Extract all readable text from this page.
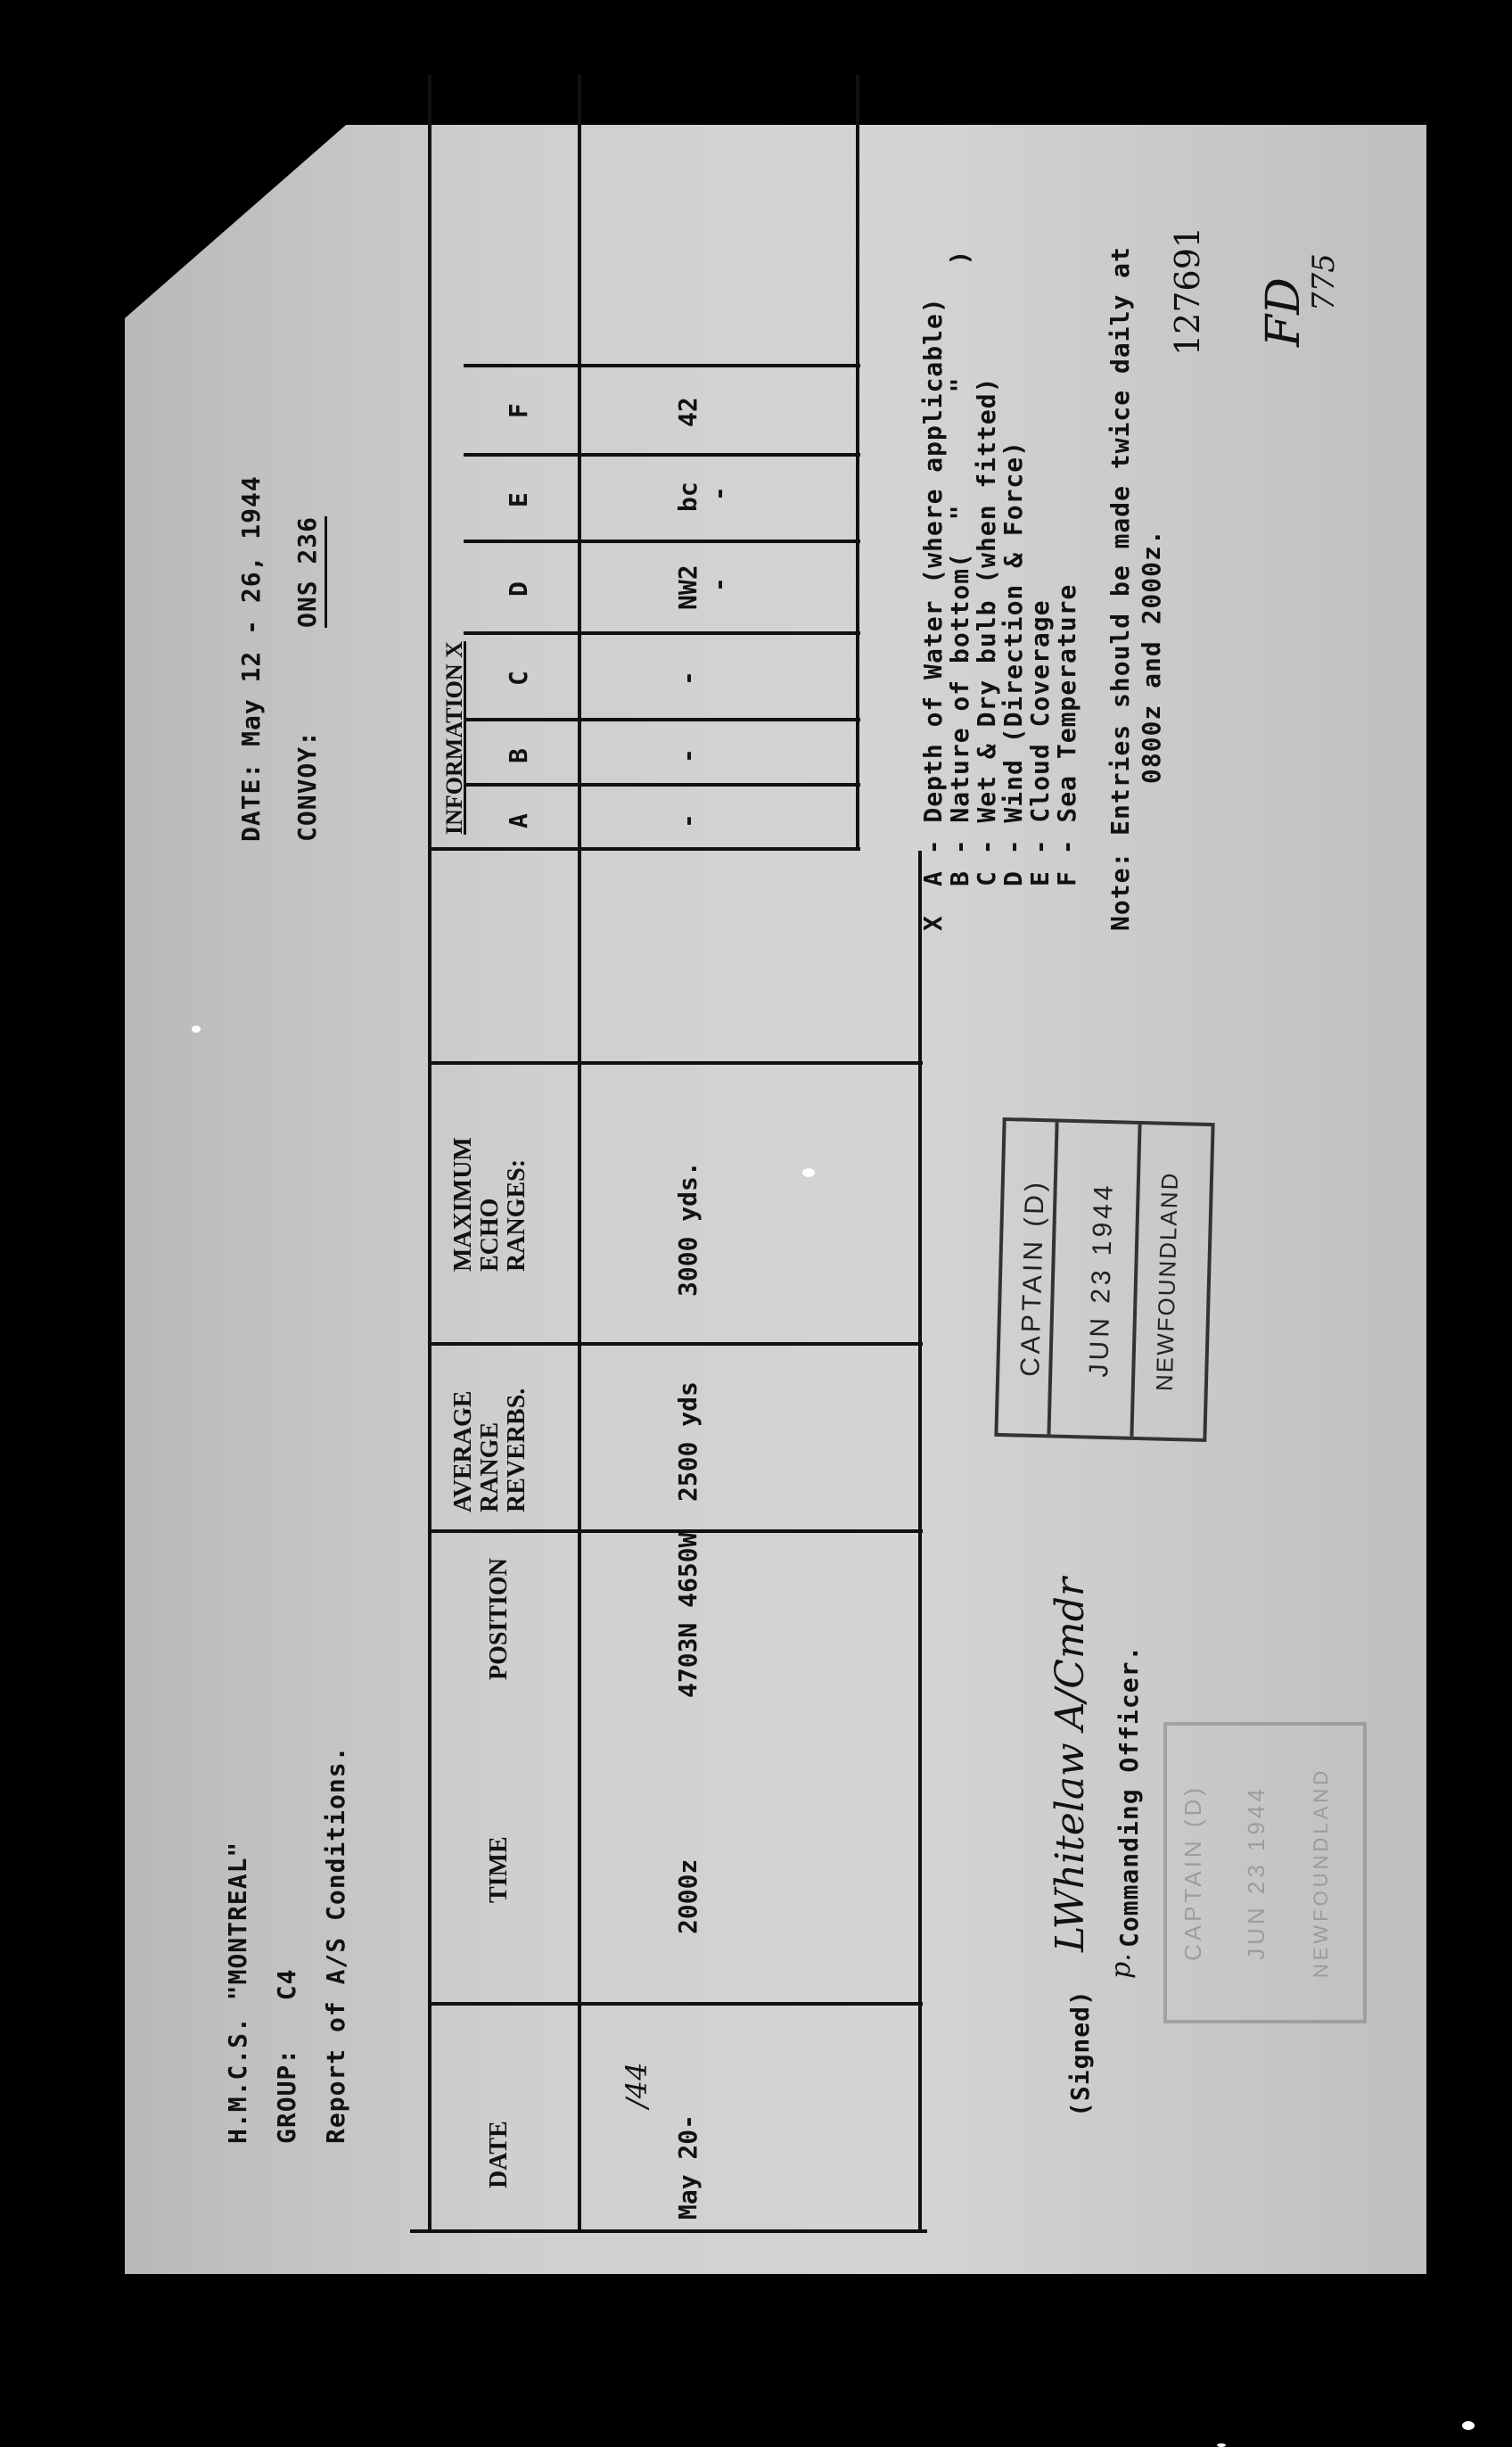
H.M.C.S. "MONTREAL" GROUP:   C4 Report of A/S Conditions.
DATE: May 12 - 26, 1944 CONVOY:
ONS 236
FD
775
127691
DATE
TIME
POSITION
AVERAGE RANGE REVERBS.
MAXIMUM ECHO RANGES:
INFORMATION X A
B
C
D
E
F
May 20-
/44
2000z
4703N 4650W
2500 yds
3000 yds.
-
-
-
NW2 -
bc -
42
X
A - Depth of Water (where applicable)
B - Nature of bottom(  "       "       )
C - Wet & Dry bulb (when fitted)
D - Wind (Direction & Force)
E - Cloud Coverage
F - Sea Temperature Note: Entries should be made twice daily at 0800z and 2000z.
CAPTAIN (D) JUN 23 1944 NEWFOUNDLAND
CAPTAIN (D) JUN 23 1944 NEWFOUNDLAND
(Signed)
LWhitelaw A/Cmdr
p.
Commanding Officer.
